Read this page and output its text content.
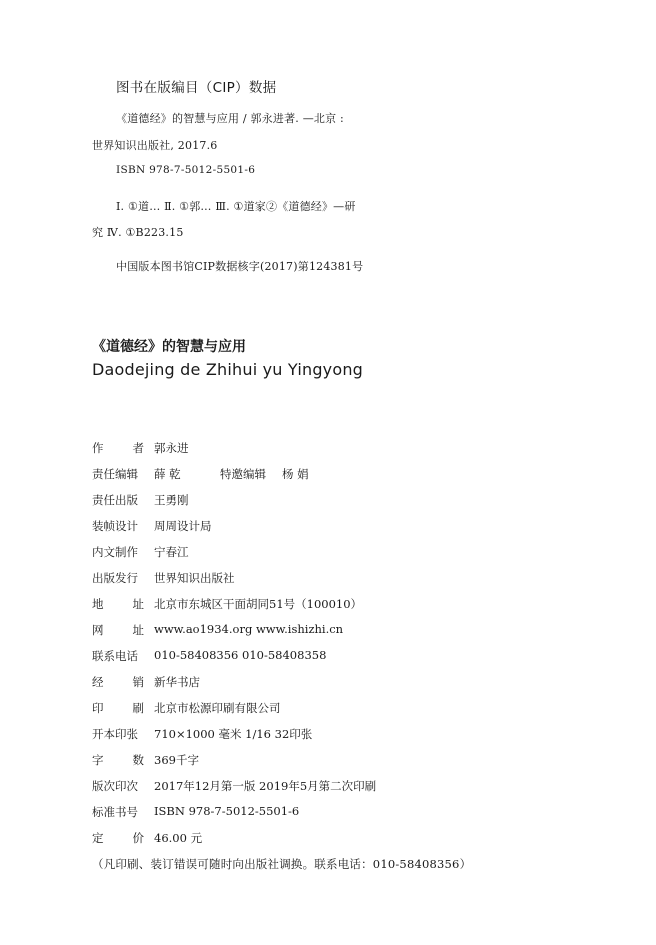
图书在版编目（CIP）数据
《道德经》的智慧与应用 / 郭永进著. —北京 :
世界知识出版社, 2017.6
ISBN 978-7-5012-5501-6
Ⅰ. ①道… Ⅱ. ①郭… Ⅲ. ①道家②《道德经》—研
究 Ⅳ. ①B223.15
中国版本图书馆CIP数据核字(2017)第124381号
《道德经》的智慧与应用
Daodejing de Zhihui yu Yingyong
作	者 郭永进
责任编辑 薛 乾	特邀编辑 杨 娟
责任出版 王勇刚
装帧设计 周周设计局
内文制作 宁春江
出版发行 世界知识出版社
地	址 北京市东城区干面胡同51号（100010）
网	址 www.ao1934.org www.ishizhi.cn
联系电话 010-58408356 010-58408358
经	销 新华书店
印	刷 北京市松源印刷有限公司
开本印张 710×1000 毫米 1/16 32印张
字	数 369千字
版次印次 2017年12月第一版 2019年5月第二次印刷
标准书号 ISBN 978-7-5012-5501-6
定	价 46.00 元
（凡印刷、装订错误可随时向出版社调换。联系电话：010-58408356）
